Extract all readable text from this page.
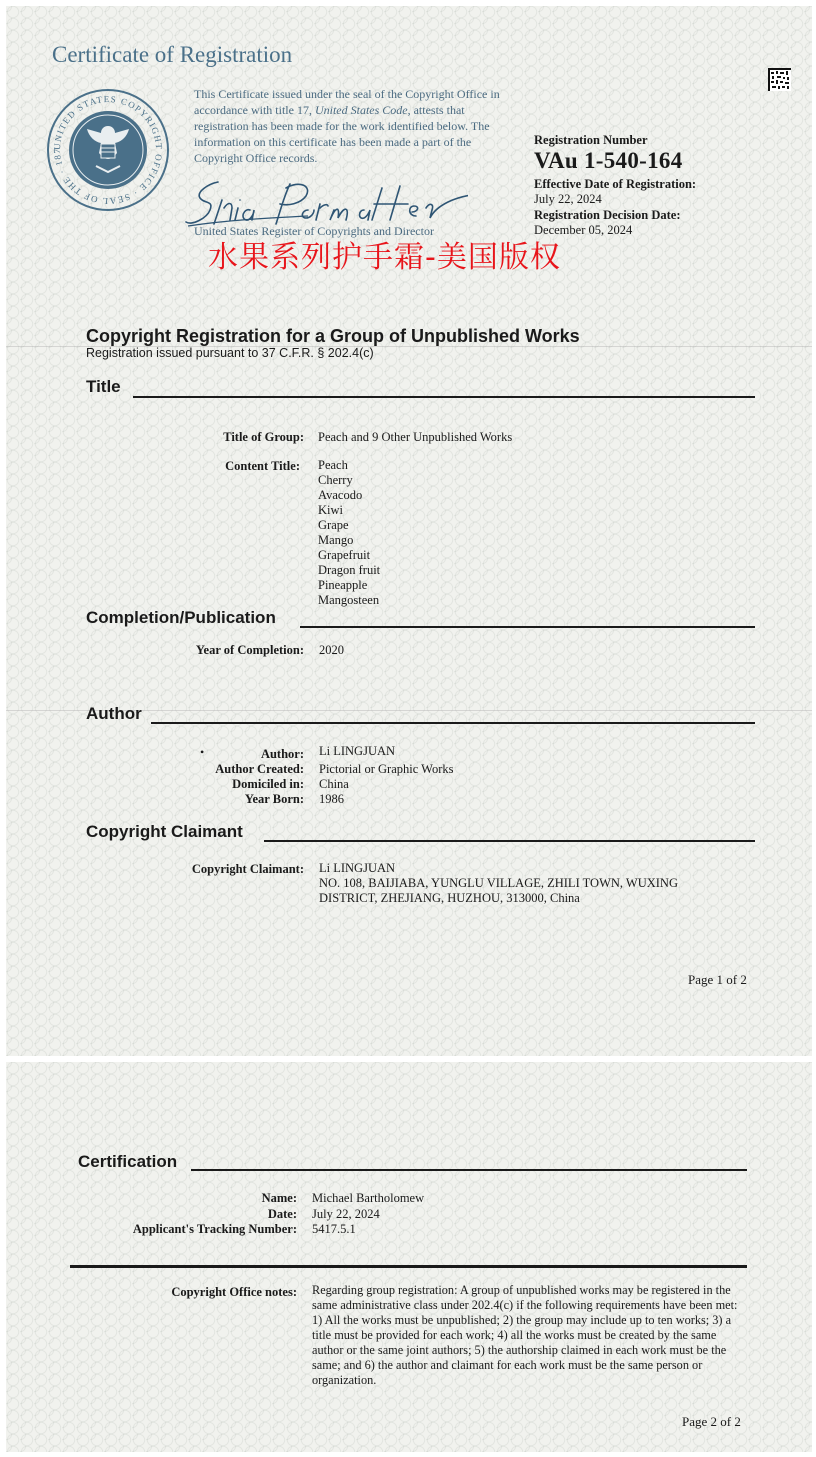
Certificate of Registration
UNITED STATES COPYRIGHT OFFICE · SEAL OF THE · 187
This Certificate issued under the seal of the Copyright Office in accordance with title 17, United States Code, attests that registration has been made for the work identified below. The information on this certificate has been made a part of the Copyright Office records.
United States Register of Copyrights and Director
Registration Number
VAu 1-540-164
Effective Date of Registration:
July 22, 2024
Registration Decision Date:
December 05, 2024
水果系列护手霜-美国版权
Copyright Registration for a Group of Unpublished Works
Registration issued pursuant to 37 C.F.R. § 202.4(c)
Title
Title of Group: Peach and 9 Other Unpublished Works
Content Title: Peach
Cherry
Avacodo
Kiwi
Grape
Mango
Grapefruit
Dragon fruit
Pineapple
Mangosteen
Completion/Publication
Year of Completion: 2020
Author
•	Author: Li LINGJUAN
Author Created: Pictorial or Graphic Works
Domiciled in: China
Year Born: 1986
Copyright Claimant
Copyright Claimant: Li LINGJUAN
NO. 108, BAIJIABA, YUNGLU VILLAGE, ZHILI TOWN, WUXING
DISTRICT, ZHEJIANG, HUZHOU, 313000, China
Page 1 of 2
Certification
Name: Michael Bartholomew
Date: July 22, 2024
Applicant's Tracking Number: 5417.5.1
Copyright Office notes: Regarding group registration: A group of unpublished works may be registered in the same administrative class under 202.4(c) if the following requirements have been met: 1) All the works must be unpublished; 2) the group may include up to ten works; 3) a title must be provided for each work; 4) all the works must be created by the same author or the same joint authors; 5) the authorship claimed in each work must be the same; and 6) the author and claimant for each work must be the same person or organization.
Page 2 of 2
